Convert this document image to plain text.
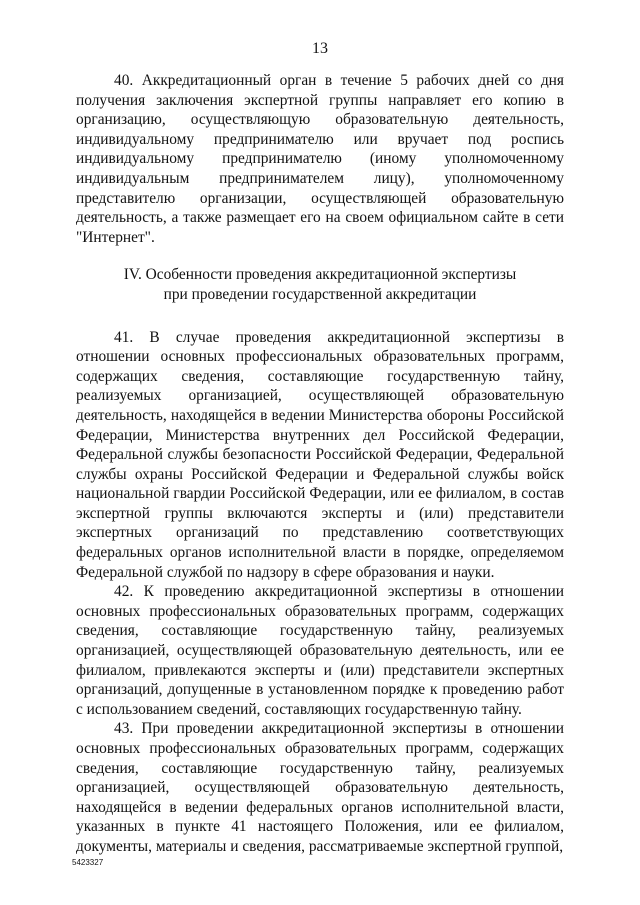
13

40. Аккредитационный орган в течение 5 рабочих дней со дня получения заключения экспертной группы направляет его копию в организацию, осуществляющую образовательную деятельность, индивидуальному предпринимателю или вручает под роспись индивидуальному предпринимателю (иному уполномоченному индивидуальным предпринимателем лицу), уполномоченному представителю организации, осуществляющей образовательную деятельность, а также размещает его на своем официальном сайте в сети "Интернет".

IV. Особенности проведения аккредитационной экспертизы
при проведении государственной аккредитации

41. В случае проведения аккредитационной экспертизы в отношении основных профессиональных образовательных программ, содержащих сведения, составляющие государственную тайну, реализуемых организацией, осуществляющей образовательную деятельность, находящейся в ведении Министерства обороны Российской Федерации, Министерства внутренних дел Российской Федерации, Федеральной службы безопасности Российской Федерации, Федеральной службы охраны Российской Федерации и Федеральной службы войск национальной гвардии Российской Федерации, или ее филиалом, в состав экспертной группы включаются эксперты и (или) представители экспертных организаций по представлению соответствующих федеральных органов исполнительной власти в порядке, определяемом Федеральной службой по надзору в сфере образования и науки.

42. К проведению аккредитационной экспертизы в отношении основных профессиональных образовательных программ, содержащих сведения, составляющие государственную тайну, реализуемых организацией, осуществляющей образовательную деятельность, или ее филиалом, привлекаются эксперты и (или) представители экспертных организаций, допущенные в установленном порядке к проведению работ с использованием сведений, составляющих государственную тайну.

43. При проведении аккредитационной экспертизы в отношении основных профессиональных образовательных программ, содержащих сведения, составляющие государственную тайну, реализуемых организацией, осуществляющей образовательную деятельность, находящейся в ведении федеральных органов исполнительной власти, указанных в пункте 41 настоящего Положения, или ее филиалом, документы, материалы и сведения, рассматриваемые экспертной группой,

5423327
